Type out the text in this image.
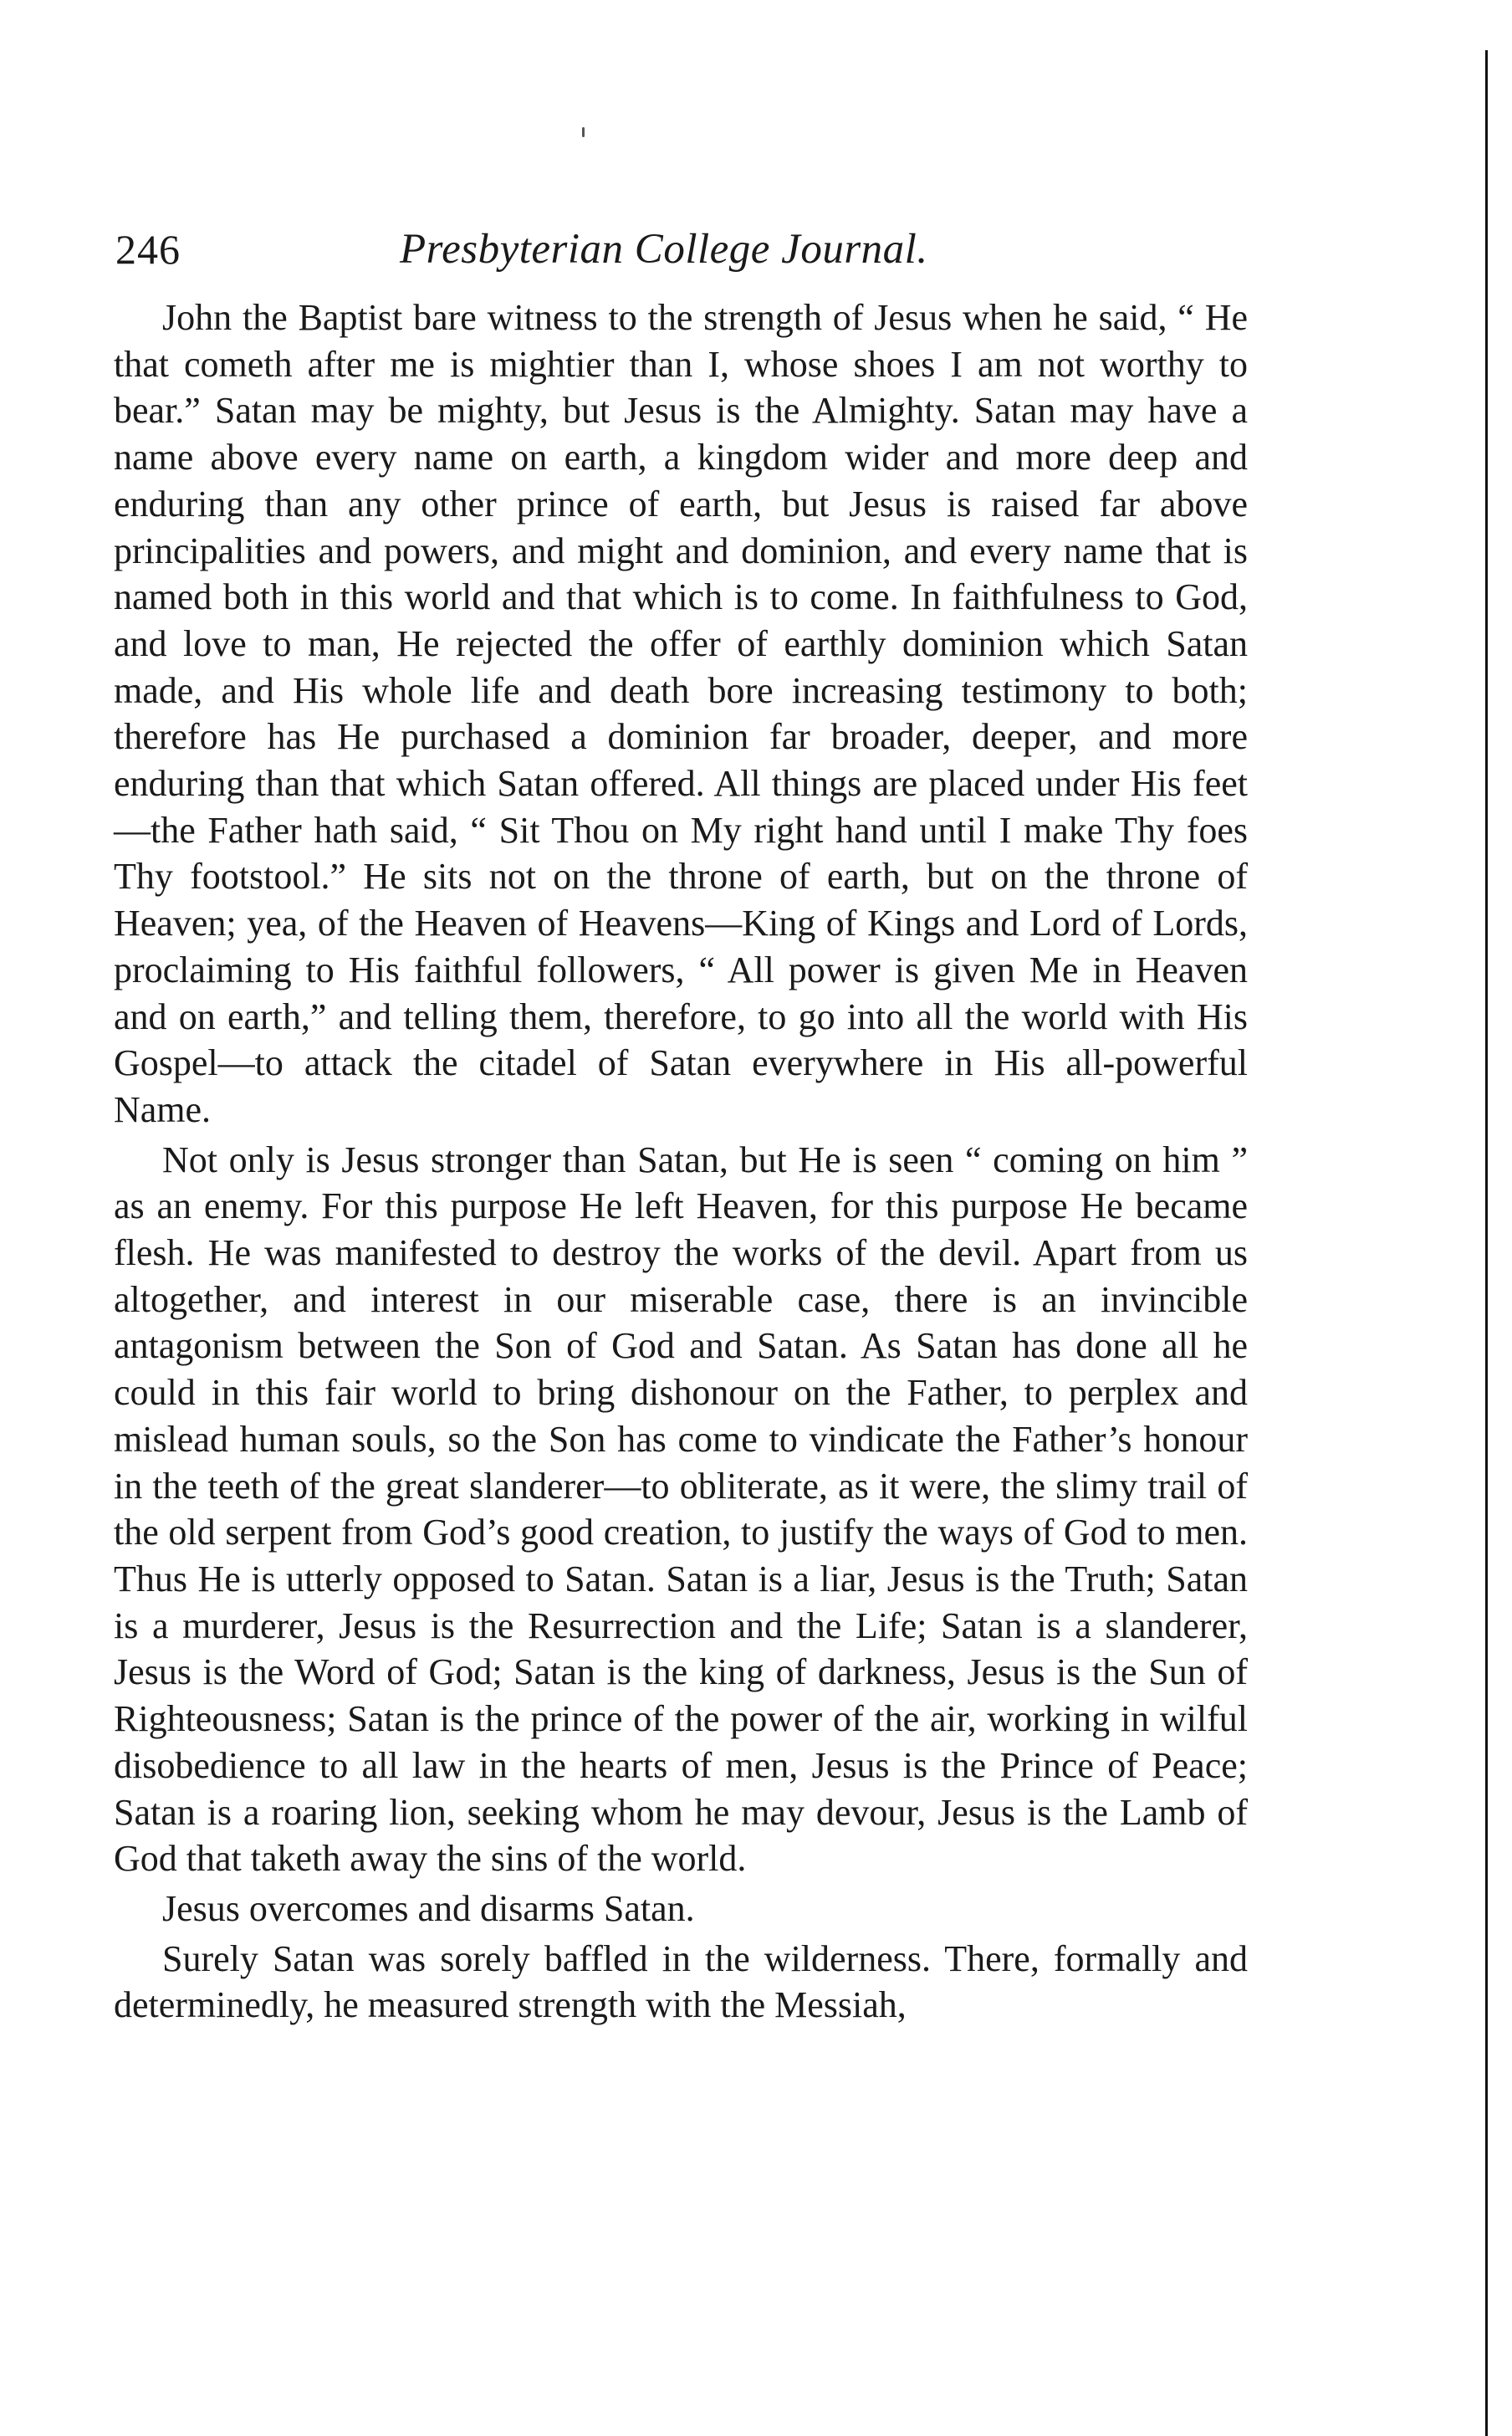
246	Presbyterian College Journal.

John the Baptist bare witness to the strength of Jesus when he said, “ He that cometh after me is mightier than I, whose shoes I am not worthy to bear.” Satan may be mighty, but Jesus is the Almighty. Satan may have a name above every name on earth, a kingdom wider and more deep and enduring than any other prince of earth, but Jesus is raised far above principalities and powers, and might and dominion, and every name that is named both in this world and that which is to come. In faithfulness to God, and love to man, He rejected the offer of earthly dominion which Satan made, and His whole life and death bore increasing testimony to both; therefore has He purchased a dominion far broader, deeper, and more enduring than that which Satan offered. All things are placed under His feet—the Father hath said, “ Sit Thou on My right hand until I make Thy foes Thy footstool.” He sits not on the throne of earth, but on the throne of Heaven; yea, of the Heaven of Heavens—King of Kings and Lord of Lords, proclaiming to His faithful followers, “ All power is given Me in Heaven and on earth,” and telling them, therefore, to go into all the world with His Gospel—to attack the citadel of Satan everywhere in His all-powerful Name.

Not only is Jesus stronger than Satan, but He is seen “ coming on him ” as an enemy. For this purpose He left Heaven, for this purpose He became flesh. He was manifested to destroy the works of the devil. Apart from us altogether, and interest in our miserable case, there is an invincible antagonism between the Son of God and Satan. As Satan has done all he could in this fair world to bring dishonour on the Father, to perplex and mislead human souls, so the Son has come to vindicate the Father’s honour in the teeth of the great slanderer—to obliterate, as it were, the slimy trail of the old serpent from God’s good creation, to justify the ways of God to men. Thus He is utterly opposed to Satan. Satan is a liar, Jesus is the Truth; Satan is a murderer, Jesus is the Resurrection and the Life; Satan is a slanderer, Jesus is the Word of God; Satan is the king of darkness, Jesus is the Sun of Righteousness; Satan is the prince of the power of the air, working in wilful disobedience to all law in the hearts of men, Jesus is the Prince of Peace; Satan is a roaring lion, seeking whom he may devour, Jesus is the Lamb of God that taketh away the sins of the world.

Jesus overcomes and disarms Satan.

Surely Satan was sorely baffled in the wilderness. There, formally and determinedly, he measured strength with the Messiah,
